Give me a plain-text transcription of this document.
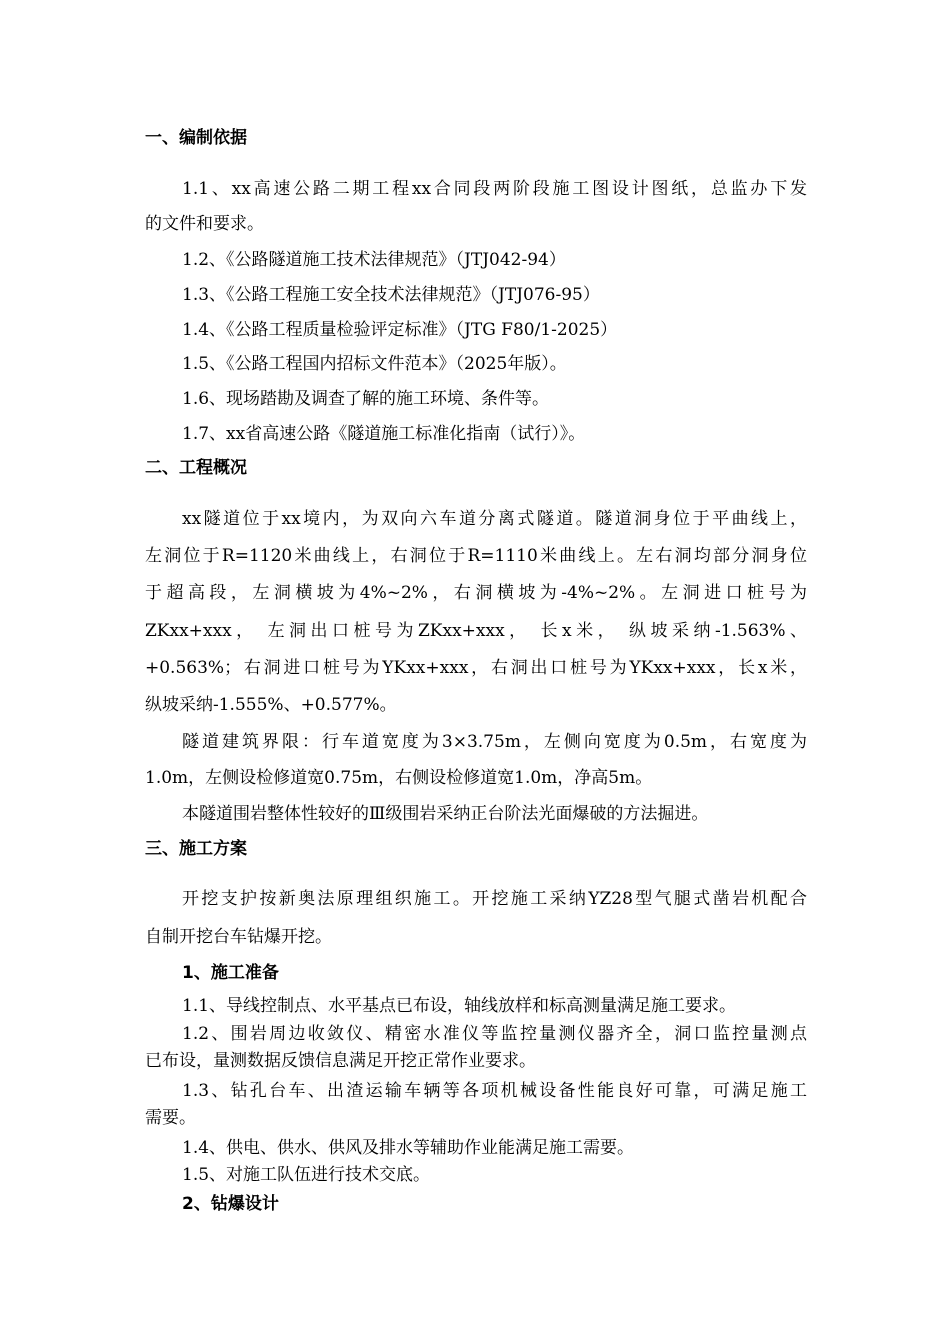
一、编制依据
1.1、xx高速公路二期工程xx合同段两阶段施工图设计图纸，总监办下发
的文件和要求。
1.2、《公路隧道施工技术法律规范》（JTJ042-94）
1.3、《公路工程施工安全技术法律规范》（JTJ076-95）
1.4、《公路工程质量检验评定标准》（JTG F80/1-2025）
1.5、《公路工程国内招标文件范本》（2025年版）。
1.6、现场踏勘及调查了解的施工环境、条件等。
1.7、xx省高速公路《隧道施工标准化指南（试行）》。
二、工程概况
xx隧道位于xx境内，为双向六车道分离式隧道。隧道洞身位于平曲线上，
左洞位于R=1120米曲线上，右洞位于R=1110米曲线上。左右洞均部分洞身位
于超高段，左洞横坡为4%~2%，右洞横坡为-4%~2%。左洞进口桩号为
ZKxx+xxx， 左洞出口桩号为ZKxx+xxx， 长x米， 纵坡采纳-1.563%、
+0.563%；右洞进口桩号为YKxx+xxx，右洞出口桩号为YKxx+xxx，长x米，
纵坡采纳-1.555%、+0.577%。
隧道建筑界限：行车道宽度为3×3.75m，左侧向宽度为0.5m，右宽度为
1.0m，左侧设检修道宽0.75m，右侧设检修道宽1.0m，净高5m。
本隧道围岩整体性较好的Ⅲ级围岩采纳正台阶法光面爆破的方法掘进。
三、施工方案
开挖支护按新奥法原理组织施工。开挖施工采纳YZ28型气腿式凿岩机配合
自制开挖台车钻爆开挖。
1、施工准备
1.1、导线控制点、水平基点已布设，轴线放样和标高测量满足施工要求。
1.2、围岩周边收敛仪、精密水准仪等监控量测仪器齐全，洞口监控量测点
已布设，量测数据反馈信息满足开挖正常作业要求。
1.3、钻孔台车、出渣运输车辆等各项机械设备性能良好可靠，可满足施工
需要。
1.4、供电、供水、供风及排水等辅助作业能满足施工需要。
1.5、对施工队伍进行技术交底。
2、钻爆设计
